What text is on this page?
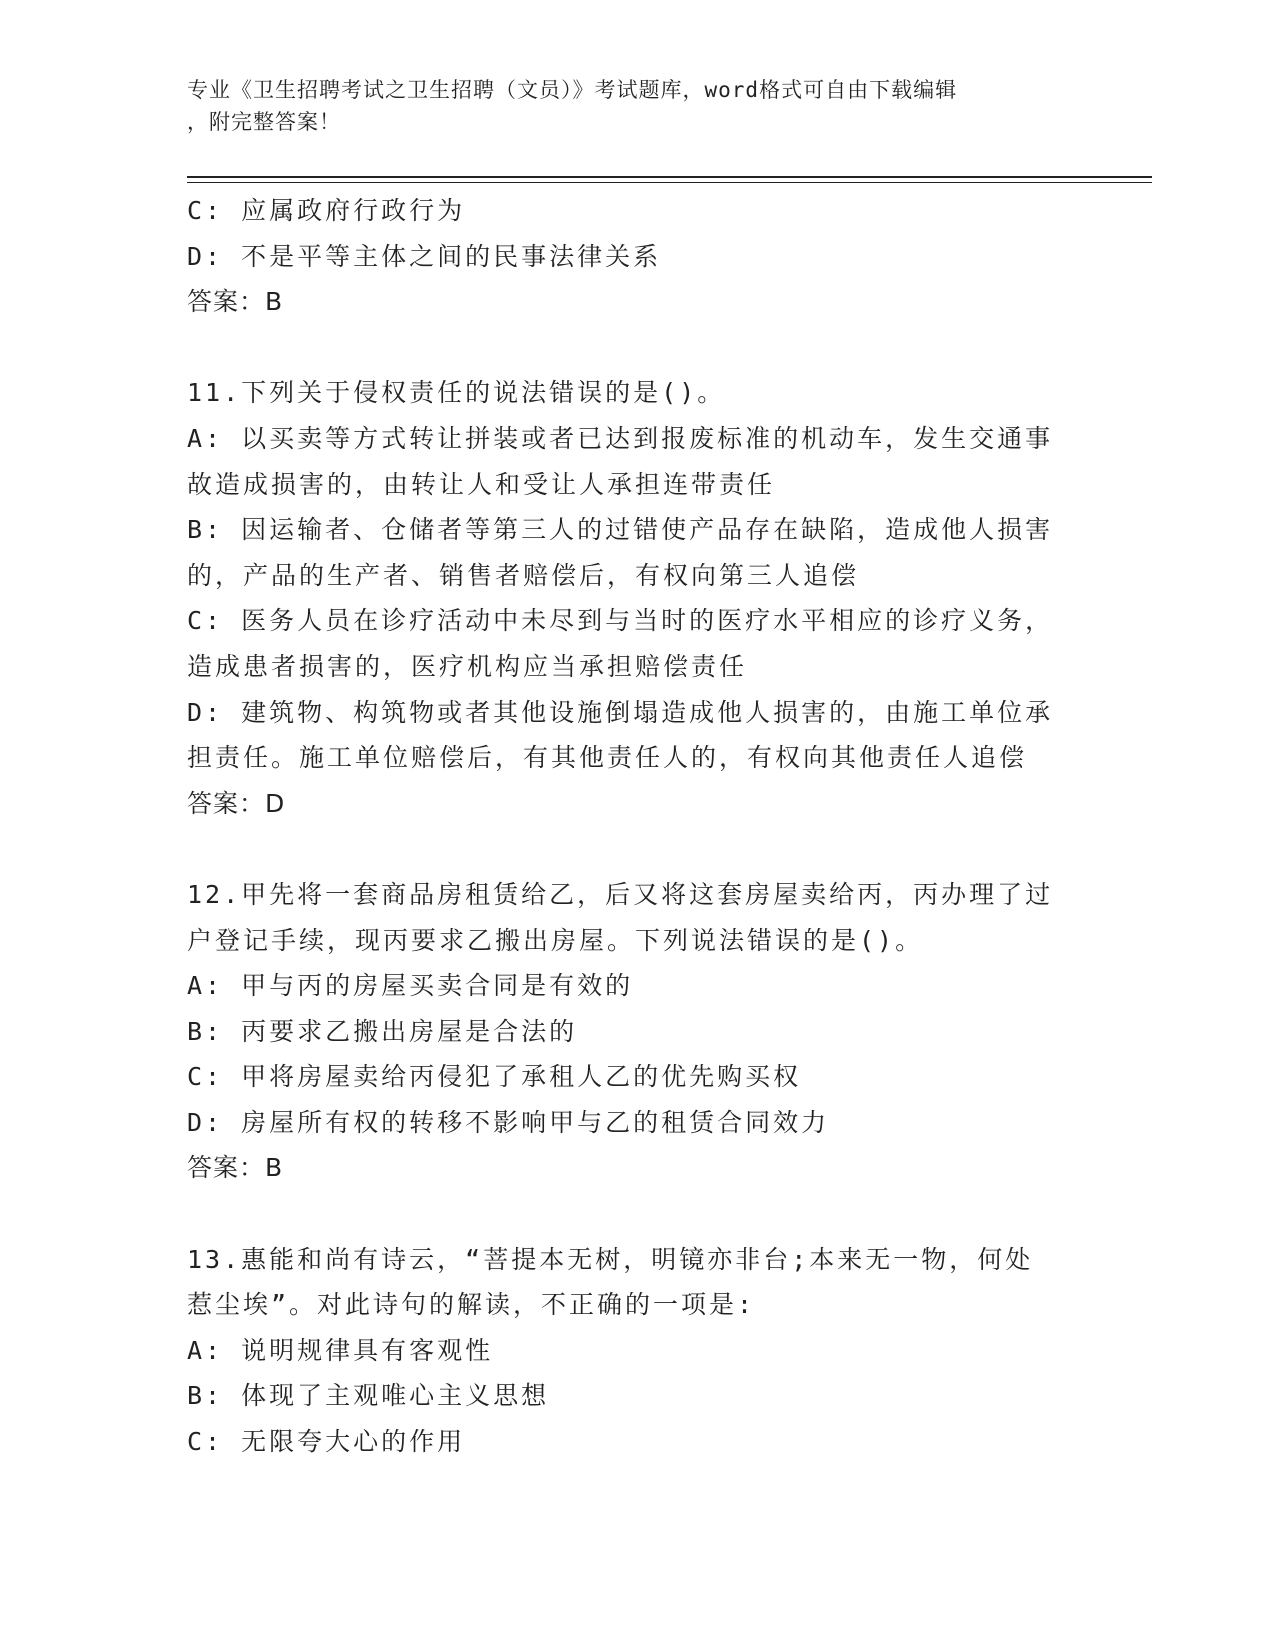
专业《卫生招聘考试之卫生招聘（文员）》考试题库，word格式可自由下载编辑
，附完整答案！
C: 应属政府行政行为
D: 不是平等主体之间的民事法律关系
答案：B
11.下列关于侵权责任的说法错误的是()。
A: 以买卖等方式转让拼装或者已达到报废标准的机动车，发生交通事
故造成损害的，由转让人和受让人承担连带责任
B: 因运输者、仓储者等第三人的过错使产品存在缺陷，造成他人损害
的，产品的生产者、销售者赔偿后，有权向第三人追偿
C: 医务人员在诊疗活动中未尽到与当时的医疗水平相应的诊疗义务，
造成患者损害的，医疗机构应当承担赔偿责任
D: 建筑物、构筑物或者其他设施倒塌造成他人损害的，由施工单位承
担责任。施工单位赔偿后，有其他责任人的，有权向其他责任人追偿
答案：D
12.甲先将一套商品房租赁给乙，后又将这套房屋卖给丙，丙办理了过
户登记手续，现丙要求乙搬出房屋。下列说法错误的是()。
A: 甲与丙的房屋买卖合同是有效的
B: 丙要求乙搬出房屋是合法的
C: 甲将房屋卖给丙侵犯了承租人乙的优先购买权
D: 房屋所有权的转移不影响甲与乙的租赁合同效力
答案：B
13.惠能和尚有诗云，“菩提本无树，明镜亦非台;本来无一物，何处
惹尘埃”。对此诗句的解读，不正确的一项是:
A: 说明规律具有客观性
B: 体现了主观唯心主义思想
C: 无限夸大心的作用
